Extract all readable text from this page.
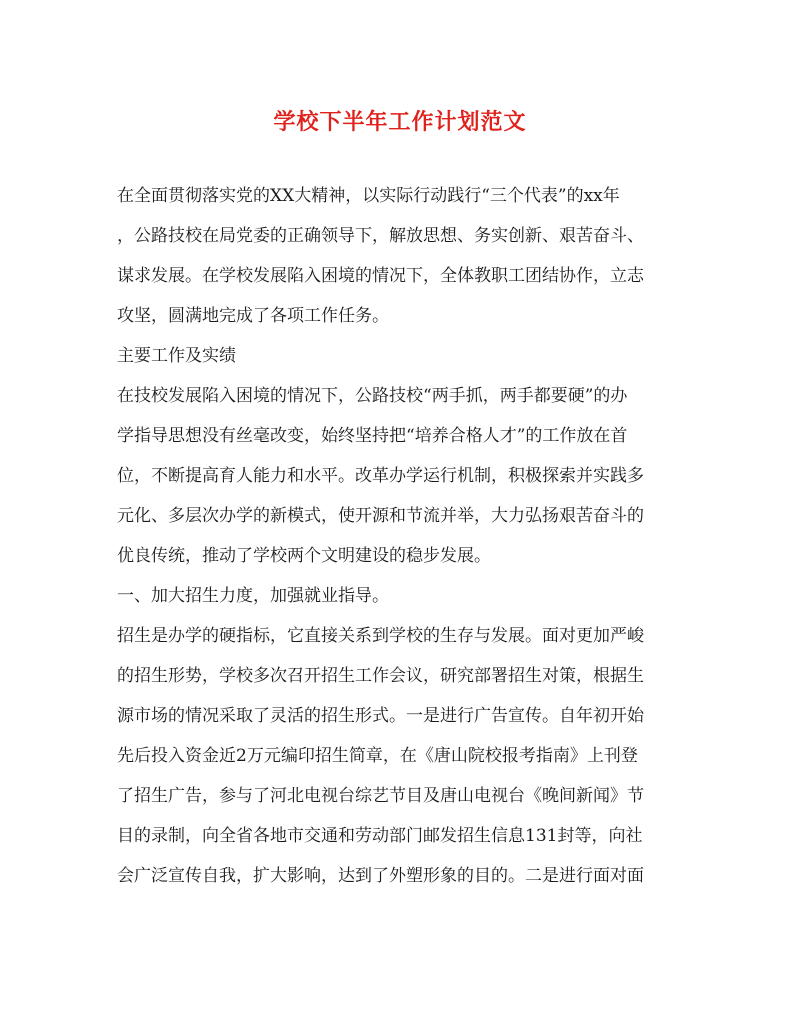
学校下半年工作计划范文
在全面贯彻落实党的XX大精神，以实际行动践行“三个代表”的xx年
，公路技校在局党委的正确领导下，解放思想、务实创新、艰苦奋斗、
谋求发展。在学校发展陷入困境的情况下，全体教职工团结协作，立志
攻坚，圆满地完成了各项工作任务。
主要工作及实绩
在技校发展陷入困境的情况下，公路技校“两手抓，两手都要硬”的办
学指导思想没有丝毫改变，始终坚持把“培养合格人才”的工作放在首
位，不断提高育人能力和水平。改革办学运行机制，积极探索并实践多
元化、多层次办学的新模式，使开源和节流并举，大力弘扬艰苦奋斗的
优良传统，推动了学校两个文明建设的稳步发展。
一、加大招生力度，加强就业指导。
招生是办学的硬指标，它直接关系到学校的生存与发展。面对更加严峻
的招生形势，学校多次召开招生工作会议，研究部署招生对策，根据生
源市场的情况采取了灵活的招生形式。一是进行广告宣传。自年初开始
先后投入资金近2万元编印招生简章，在《唐山院校报考指南》上刊登
了招生广告，参与了河北电视台综艺节目及唐山电视台《晚间新闻》节
目的录制，向全省各地市交通和劳动部门邮发招生信息131封等，向社
会广泛宣传自我，扩大影响，达到了外塑形象的目的。二是进行面对面
